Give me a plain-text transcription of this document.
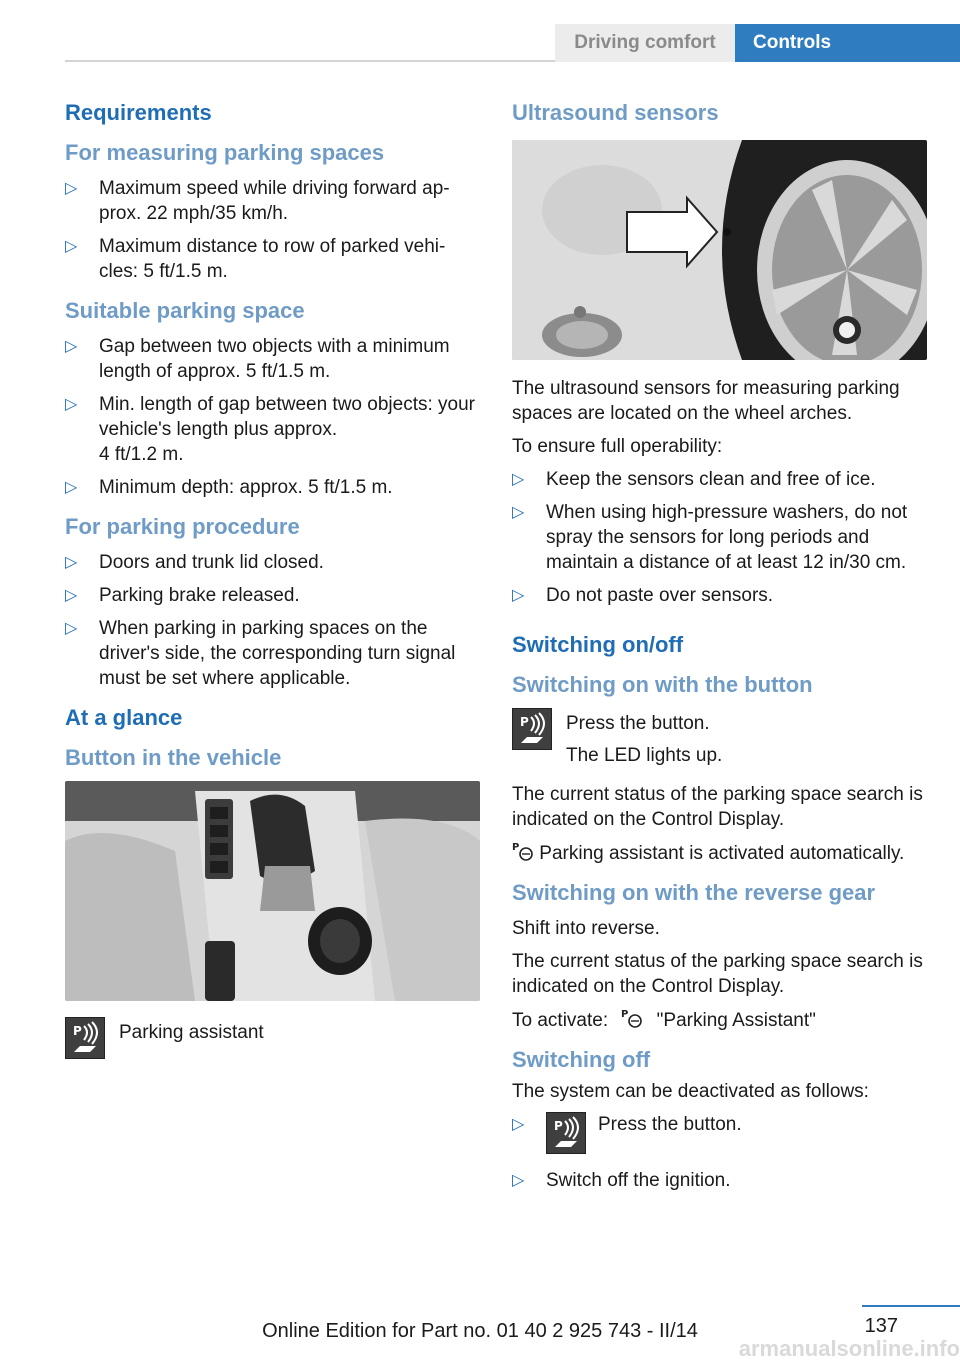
Driving comfort	Controls
Requirements
For measuring parking spaces
▷ Maximum speed while driving forward ap-
prox. 22 mph/35 km/h.
▷ Maximum distance to row of parked vehi-
cles: 5 ft/1.5 m.
Suitable parking space
▷ Gap between two objects with a minimum length of approx. 5 ft/1.5 m.
▷ Min. length of gap between two objects: your vehicle's length plus approx.
4 ft/1.2 m.
▷ Minimum depth: approx. 5 ft/1.5 m.
For parking procedure
▷ Doors and trunk lid closed.
▷ Parking brake released.
▷ When parking in parking spaces on the driver's side, the corresponding turn signal must be set where applicable.
At a glance
Button in the vehicle
P Parking assistant
Ultrasound sensors
The ultrasound sensors for measuring parking spaces are located on the wheel arches.
To ensure full operability:
▷ Keep the sensors clean and free of ice.
▷ When using high-pressure washers, do not spray the sensors for long periods and maintain a distance of at least 12 in/30 cm.
▷ Do not paste over sensors.
Switching on/off
Switching on with the button
P Press the button.
The LED lights up.
The current status of the parking space search is indicated on the Control Display.
P Parking assistant is activated automatically.
Switching on with the reverse gear
Shift into reverse.
The current status of the parking space search is indicated on the Control Display.
To activate: P "Parking Assistant"
Switching off
The system can be deactivated as follows:
▷ P Press the button.
▷ Switch off the ignition.
137
Online Edition for Part no. 01 40 2 925 743 - II/14
armanualsonline.info
